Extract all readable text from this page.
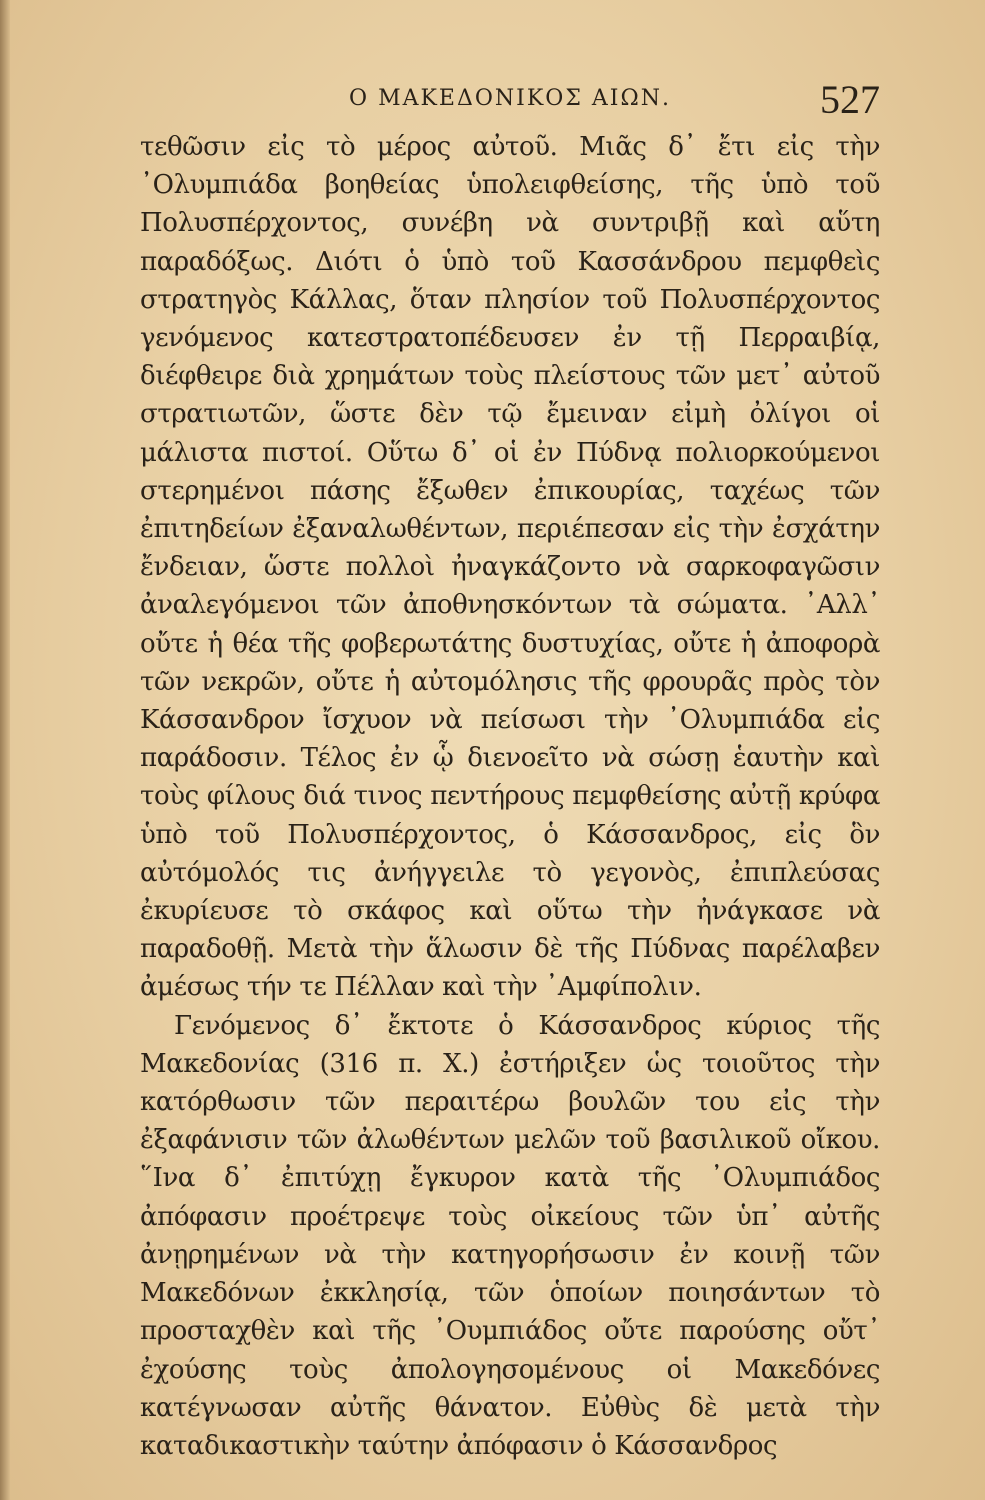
Ο ΜΑΚΕΔΟΝΙΚΟΣ ΑΙΩΝ.	527

τεθῶσιν εἰς τὸ μέρος αὐτοῦ. Μιᾶς δ᾽ ἔτι εἰς τὴν ᾽Ολυμπιάδα βοηθείας ὑπολειφθείσης, τῆς ὑπὸ τοῦ Πολυσπέρχοντος, συνέβη νὰ συντριβῇ καὶ αὕτη παραδόξως. Διότι ὁ ὑπὸ τοῦ Κασσάνδρου πεμφθεὶς στρατηγὸς Κάλλας, ὅταν πλησίον τοῦ Πολυσπέρχοντος γενόμενος κατεστρατοπέδευσεν ἐν τῇ Περραιβίᾳ, διέφθειρε διὰ χρημάτων τοὺς πλείστους τῶν μετ᾽ αὐτοῦ στρατιωτῶν, ὥστε δὲν τῷ ἔμειναν εἰμὴ ὀλίγοι οἱ μάλιστα πιστοί. Οὕτω δ᾽ οἱ ἐν Πύδνᾳ πολιορκούμενοι στερημένοι πάσης ἔξωθεν ἐπικουρίας, ταχέως τῶν ἐπιτηδείων ἐξαναλωθέντων, περιέπεσαν εἰς τὴν ἐσχάτην ἔνδειαν, ὥστε πολλοὶ ἠναγκάζοντο νὰ σαρκοφαγῶσιν ἀναλεγόμενοι τῶν ἀποθνησκόντων τὰ σώματα. ᾽Αλλ᾽ οὔτε ἡ θέα τῆς φοβερωτάτης δυστυχίας, οὔτε ἡ ἀποφορὰ τῶν νεκρῶν, οὔτε ἡ αὐτομόλησις τῆς φρουρᾶς πρὸς τὸν Κάσσανδρον ἴσχυον νὰ πείσωσι τὴν ᾽Ολυμπιάδα εἰς παράδοσιν. Τέλος ἐν ᾧ διενοεῖτο νὰ σώσῃ ἑαυτὴν καὶ τοὺς φίλους διά τινος πεντήρους πεμφθείσης αὐτῇ κρύφα ὑπὸ τοῦ Πολυσπέρχοντος, ὁ Κάσσανδρος, εἰς ὃν αὐτόμολός τις ἀνήγγειλε τὸ γεγονὸς, ἐπιπλεύσας ἐκυρίευσε τὸ σκάφος καὶ οὕτω τὴν ἠνάγκασε νὰ παραδοθῇ. Μετὰ τὴν ἅλωσιν δὲ τῆς Πύδνας παρέλαβεν ἀμέσως τήν τε Πέλλαν καὶ τὴν ᾽Αμφίπολιν.

Γενόμενος δ᾽ ἔκτοτε ὁ Κάσσανδρος κύριος τῆς Μακεδονίας (316 π. Χ.) ἐστήριξεν ὡς τοιοῦτος τὴν κατόρθωσιν τῶν περαιτέρω βουλῶν του εἰς τὴν ἐξαφάνισιν τῶν ἀλωθέντων μελῶν τοῦ βασιλικοῦ οἴκου. ῞Ινα δ᾽ ἐπιτύχῃ ἔγκυρον κατὰ τῆς ᾽Ολυμπιάδος ἀπόφασιν προέτρεψε τοὺς οἰκείους τῶν ὑπ᾽ αὐτῆς ἀνῃρημένων νὰ τὴν κατηγορήσωσιν ἐν κοινῇ τῶν Μακεδόνων ἐκκλησίᾳ, τῶν ὁποίων ποιησάντων τὸ προσταχθὲν καὶ τῆς ᾽Ουμπιάδος οὔτε παρούσης οὔτ᾽ ἐχούσης τοὺς ἀπολογησομένους οἱ Μακεδόνες κατέγνωσαν αὐτῆς θάνατον. Εὐθὺς δὲ μετὰ τὴν καταδικαστικὴν ταύτην ἀπόφασιν ὁ Κάσσανδρος
